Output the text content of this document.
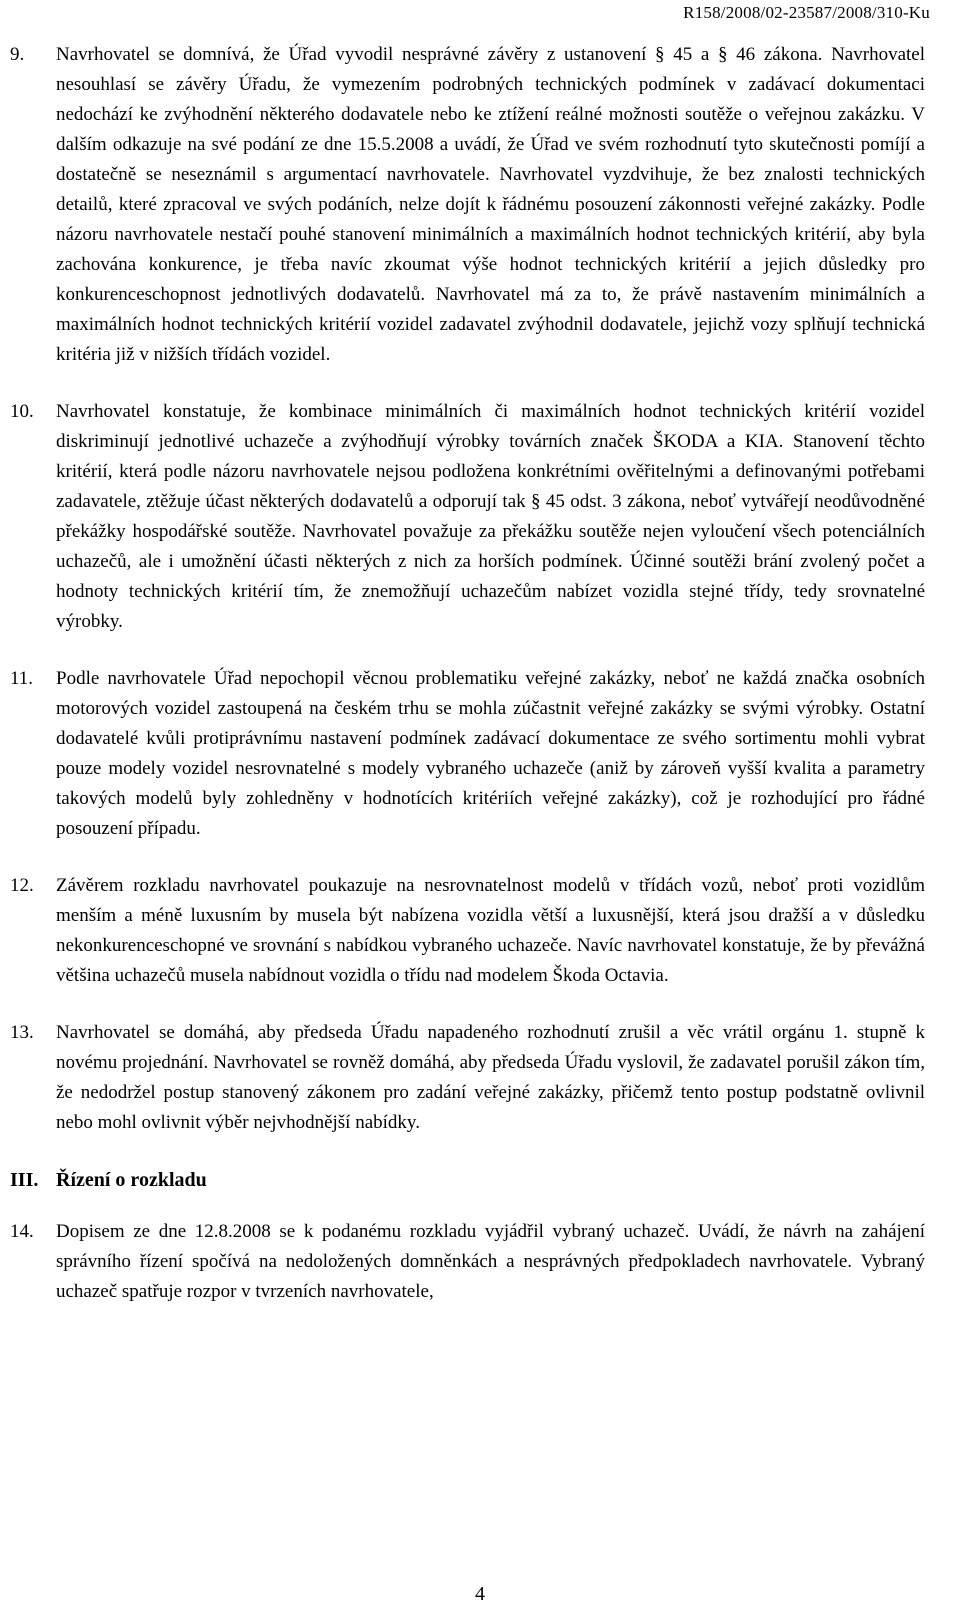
R158/2008/02-23587/2008/310-Ku
9.	Navrhovatel se domnívá, že Úřad vyvodil nesprávné závěry z ustanovení § 45 a § 46 zákona. Navrhovatel nesouhlasí se závěry Úřadu, že vymezením podrobných technických podmínek v zadávací dokumentaci nedochází ke zvýhodnění některého dodavatele nebo ke ztížení reálné možnosti soutěže o veřejnou zakázku. V dalším odkazuje na své podání ze dne 15.5.2008 a uvádí, že Úřad ve svém rozhodnutí tyto skutečnosti pomíjí a dostatečně se neseznámil s argumentací navrhovatele. Navrhovatel vyzdvihuje, že bez znalosti technických detailů, které zpracoval ve svých podáních, nelze dojít k řádnému posouzení zákonnosti veřejné zakázky. Podle názoru navrhovatele nestačí pouhé stanovení minimálních a maximálních hodnot technických kritérií, aby byla zachována konkurence, je třeba navíc zkoumat výše hodnot technických kritérií a jejich důsledky pro konkurenceschopnost jednotlivých dodavatelů. Navrhovatel má za to, že právě nastavením minimálních a maximálních hodnot technických kritérií vozidel zadavatel zvýhodnil dodavatele, jejichž vozy splňují technická kritéria již v nižších třídách vozidel.
10.	Navrhovatel konstatuje, že kombinace minimálních či maximálních hodnot technických kritérií vozidel diskriminují jednotlivé uchazeče a zvýhodňují výrobky továrních značek ŠKODA a KIA. Stanovení těchto kritérií, která podle názoru navrhovatele nejsou podložena konkrétními ověřitelnými a definovanými potřebami zadavatele, ztěžuje účast některých dodavatelů a odporují tak § 45 odst. 3 zákona, neboť vytvářejí neodůvodněné překážky hospodářské soutěže. Navrhovatel považuje za překážku soutěže nejen vyloučení všech potenciálních uchazečů, ale i umožnění účasti některých z nich za horších podmínek. Účinné soutěži brání zvolený počet a hodnoty technických kritérií tím, že znemožňují uchazečům nabízet vozidla stejné třídy, tedy srovnatelné výrobky.
11.	Podle navrhovatele Úřad nepochopil věcnou problematiku veřejné zakázky, neboť ne každá značka osobních motorových vozidel zastoupená na českém trhu se mohla zúčastnit veřejné zakázky se svými výrobky. Ostatní dodavatelé kvůli protiprávnímu nastavení podmínek zadávací dokumentace ze svého sortimentu mohli vybrat pouze modely vozidel nesrovnatelné s modely vybraného uchazeče (aniž by zároveň vyšší kvalita a parametry takových modelů byly zohledněny v hodnotících kritériích veřejné zakázky), což je rozhodující pro řádné posouzení případu.
12.	Závěrem rozkladu navrhovatel poukazuje na nesrovnatelnost modelů v třídách vozů, neboť proti vozidlům menším a méně luxusním by musela být nabízena vozidla větší a luxusnější, která jsou dražší a v důsledku nekonkurenceschopné ve srovnání s nabídkou vybraného uchazeče. Navíc navrhovatel konstatuje, že by převážná většina uchazečů musela nabídnout vozidla o třídu nad modelem Škoda Octavia.
13.	Navrhovatel se domáhá, aby předseda Úřadu napadeného rozhodnutí zrušil a věc vrátil orgánu 1. stupně k novému projednání. Navrhovatel se rovněž domáhá, aby předseda Úřadu vyslovil, že zadavatel porušil zákon tím, že nedodržel postup stanovený zákonem pro zadání veřejné zakázky, přičemž tento postup podstatně ovlivnil nebo mohl ovlivnit výběr nejvhodnější nabídky.
III. Řízení o rozkladu
14.	Dopisem ze dne 12.8.2008 se k podanému rozkladu vyjádřil vybraný uchazeč. Uvádí, že návrh na zahájení správního řízení spočívá na nedoložených domněnkách a nesprávných předpokladech navrhovatele. Vybraný uchazeč spatřuje rozpor v tvrzeních navrhovatele,
4
